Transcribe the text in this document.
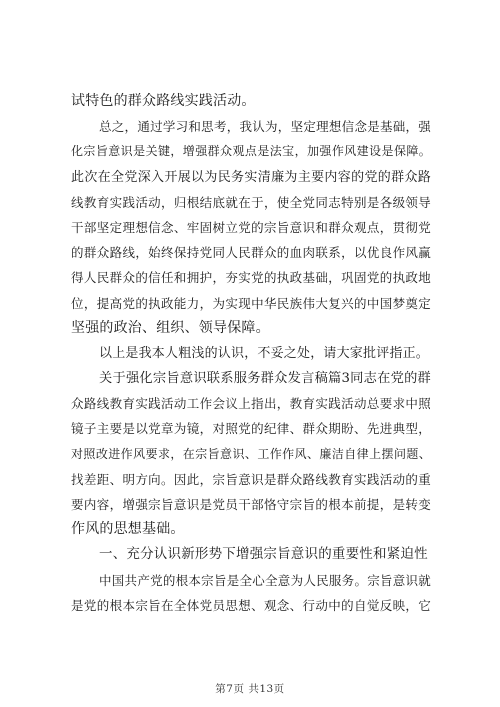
试特色的群众路线实践活动。
总之，通过学习和思考，我认为，坚定理想信念是基础，强
化宗旨意识是关键，增强群众观点是法宝，加强作风建设是保障。
此次在全党深入开展以为民务实清廉为主要内容的党的群众路
线教育实践活动，归根结底就在于，使全党同志特别是各级领导
干部坚定理想信念、牢固树立党的宗旨意识和群众观点，贯彻党
的群众路线，始终保持党同人民群众的血肉联系，以优良作风赢
得人民群众的信任和拥护，夯实党的执政基础，巩固党的执政地
位，提高党的执政能力，为实现中华民族伟大复兴的中国梦奠定
坚强的政治、组织、领导保障。
以上是我本人粗浅的认识，不妥之处，请大家批评指正。
关于强化宗旨意识联系服务群众发言稿篇3同志在党的群
众路线教育实践活动工作会议上指出，教育实践活动总要求中照
镜子主要是以党章为镜，对照党的纪律、群众期盼、先进典型，
对照改进作风要求，在宗旨意识、工作作风、廉洁自律上摆问题、
找差距、明方向。因此，宗旨意识是群众路线教育实践活动的重
要内容，增强宗旨意识是党员干部恪守宗旨的根本前提，是转变
作风的思想基础。
一、充分认识新形势下增强宗旨意识的重要性和紧迫性
中国共产党的根本宗旨是全心全意为人民服务。宗旨意识就
是党的根本宗旨在全体党员思想、观念、行动中的自觉反映，它
第7页 共13页
